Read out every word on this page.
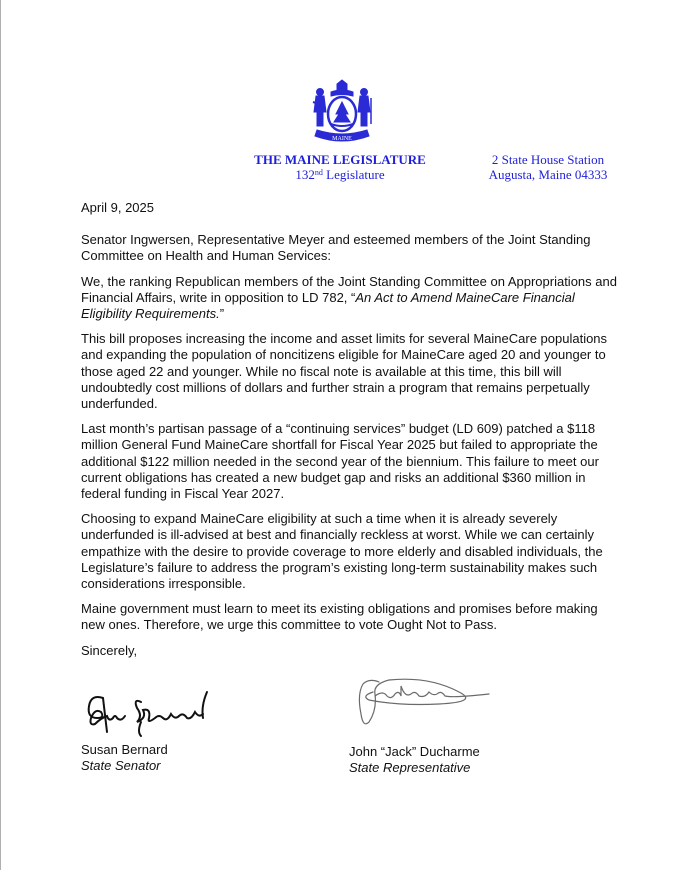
MAINE
THE MAINE LEGISLATURE
132nd Legislature
2 State House Station
Augusta, Maine 04333

April 9, 2025

Senator Ingwersen, Representative Meyer and esteemed members of the Joint Standing Committee on Health and Human Services:

We, the ranking Republican members of the Joint Standing Committee on Appropriations and Financial Affairs, write in opposition to LD 782, “An Act to Amend MaineCare Financial Eligibility Requirements.”

This bill proposes increasing the income and asset limits for several MaineCare populations and expanding the population of noncitizens eligible for MaineCare aged 20 and younger to those aged 22 and younger. While no fiscal note is available at this time, this bill will undoubtedly cost millions of dollars and further strain a program that remains perpetually underfunded.

Last month’s partisan passage of a “continuing services” budget (LD 609) patched a $118 million General Fund MaineCare shortfall for Fiscal Year 2025 but failed to appropriate the additional $122 million needed in the second year of the biennium. This failure to meet our current obligations has created a new budget gap and risks an additional $360 million in federal funding in Fiscal Year 2027.

Choosing to expand MaineCare eligibility at such a time when it is already severely underfunded is ill-advised at best and financially reckless at worst. While we can certainly empathize with the desire to provide coverage to more elderly and disabled individuals, the Legislature’s failure to address the program’s existing long-term sustainability makes such considerations irresponsible.

Maine government must learn to meet its existing obligations and promises before making new ones. Therefore, we urge this committee to vote Ought Not to Pass.

Sincerely,

Susan Bernard
State Senator
John “Jack” Ducharme
State Representative
